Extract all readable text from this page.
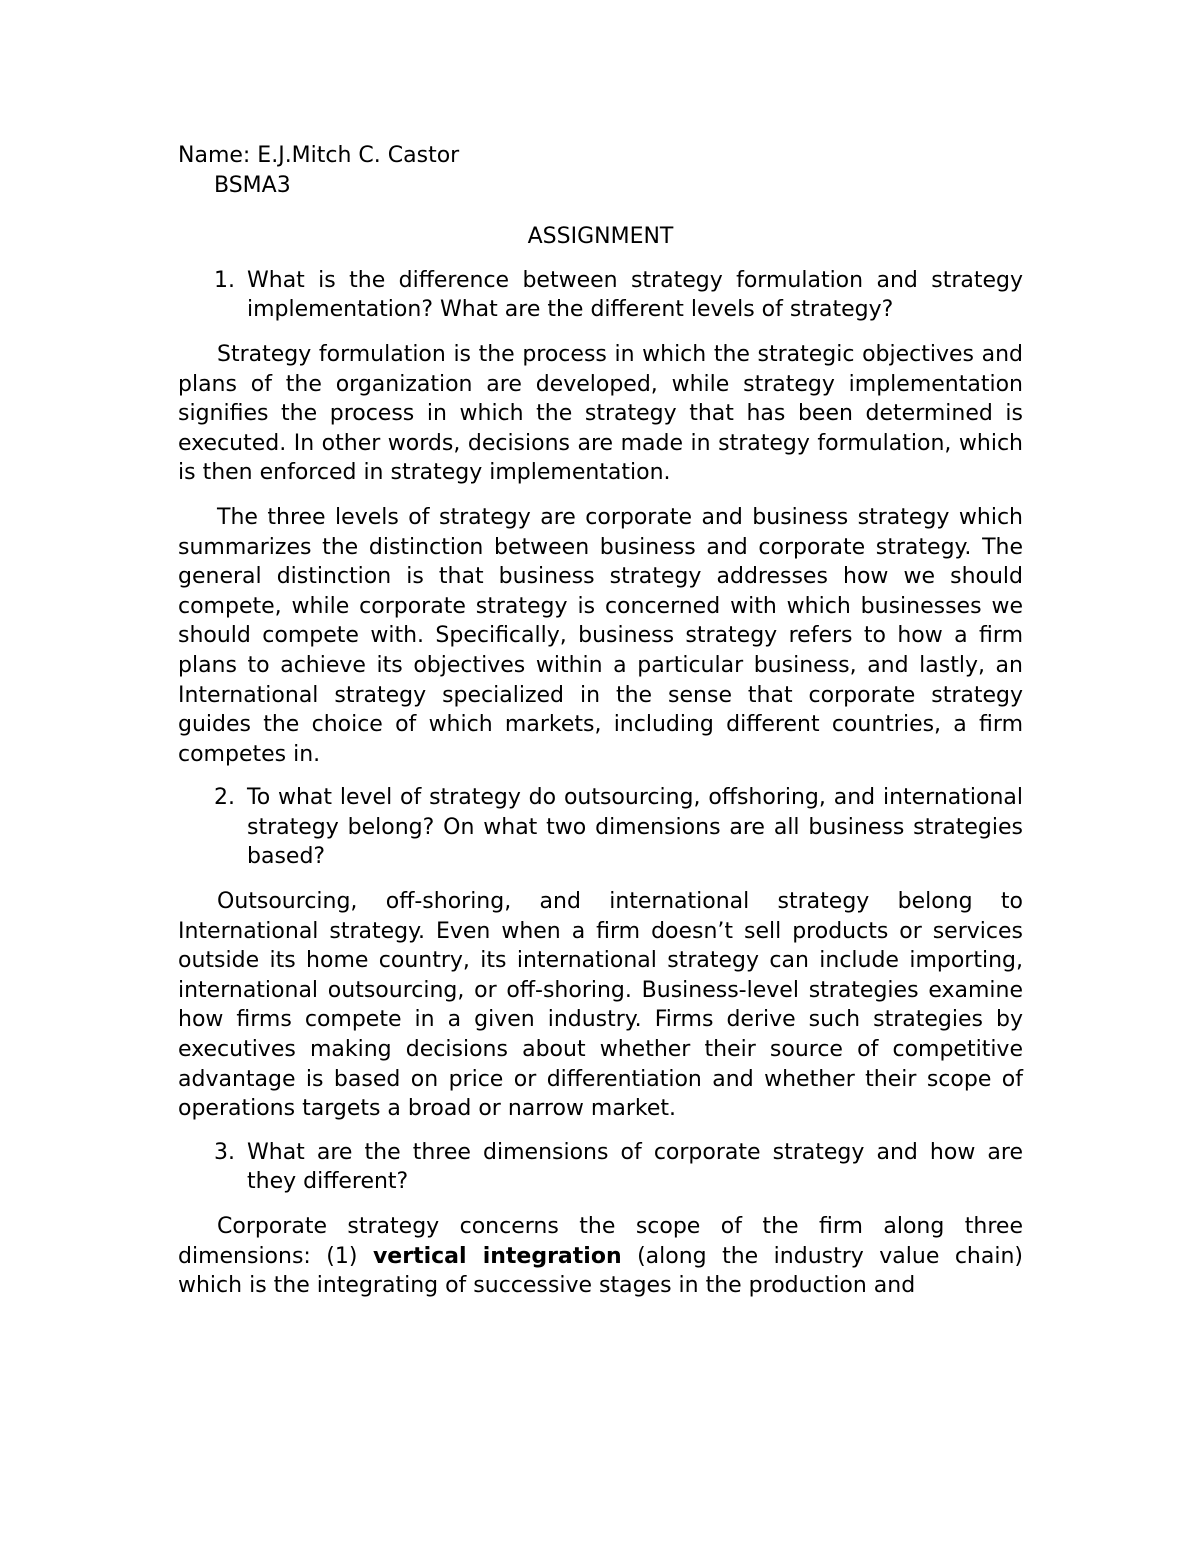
Name: E.J.Mitch C. Castor

BSMA3

ASSIGNMENT

1. What is the difference between strategy formulation and strategy implementation? What are the different levels of strategy?

Strategy formulation is the process in which the strategic objectives and plans of the organization are developed, while strategy implementation signifies the process in which the strategy that has been determined is executed. In other words, decisions are made in strategy formulation, which is then enforced in strategy implementation.

The three levels of strategy are corporate and business strategy which summarizes the distinction between business and corporate strategy. The general distinction is that business strategy addresses how we should compete, while corporate strategy is concerned with which businesses we should compete with. Specifically, business strategy refers to how a firm plans to achieve its objectives within a particular business, and lastly, an International strategy specialized in the sense that corporate strategy guides the choice of which markets, including different countries, a firm competes in.

2. To what level of strategy do outsourcing, offshoring, and international strategy belong? On what two dimensions are all business strategies based?

Outsourcing, off-shoring, and international strategy belong to International strategy. Even when a firm doesn’t sell products or services outside its home country, its international strategy can include importing, international outsourcing, or off-shoring. Business-level strategies examine how firms compete in a given industry. Firms derive such strategies by executives making decisions about whether their source of competitive advantage is based on price or differentiation and whether their scope of operations targets a broad or narrow market.

3. What are the three dimensions of corporate strategy and how are they different?

Corporate strategy concerns the scope of the firm along three dimensions: (1) vertical integration (along the industry value chain) which is the integrating of successive stages in the production and
